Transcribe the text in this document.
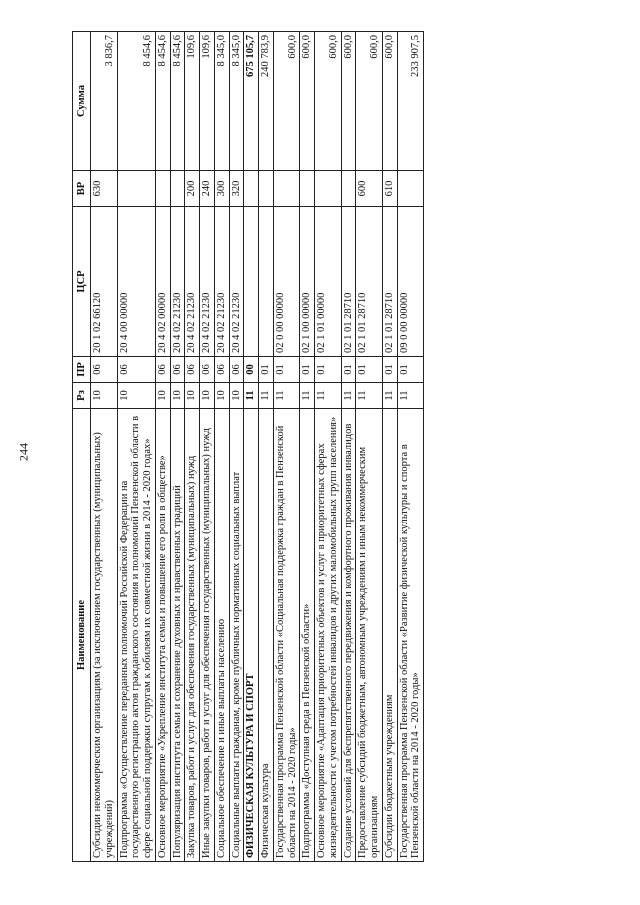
244
Наименование	Рз	ПР	ЦСР	ВР	Сумма
Субсидии некоммерческим организациям (за исключением государственных (муниципальных) учреждений)	10	06	20 1 02 66120	630	3 836,7
Подпрограмма «Осуществление переданных полномочий Российской Федерации на государственную регистрацию актов гражданского состояния и полномочий Пензенской области в сфере социальной поддержки супругам к юбилеям их совместной жизни в 2014 - 2020 годах»	10	06	20 4 00 00000		8 454,6
Основное мероприятие «Укрепление института семьи и повышение его роли в обществе»	10	06	20 4 02 00000		8 454,6
Популяризация института семьи и сохранение духовных и нравственных традиций	10	06	20 4 02 21230		8 454,6
Закупка товаров, работ и услуг для обеспечения государственных (муниципальных) нужд	10	06	20 4 02 21230	200	109,6
Иные закупки товаров, работ и услуг для обеспечения государственных (муниципальных) нужд	10	06	20 4 02 21230	240	109,6
Социальное обеспечение и иные выплаты населению	10	06	20 4 02 21230	300	8 345,0
Социальные выплаты гражданам, кроме публичных нормативных социальных выплат	10	06	20 4 02 21230	320	8 345,0
ФИЗИЧЕСКАЯ КУЛЬТУРА И СПОРТ	11	00			675 105,7
Физическая культура	11	01			240 783,9
Государственная программа Пензенской области «Социальная поддержка граждан в Пензенской области на 2014 - 2020 годы»	11	01	02 0 00 00000		600,0
Подпрограмма «Доступная среда в Пензенской области»	11	01	02 1 00 00000		600,0
Основное мероприятие «Адаптация приоритетных объектов и услуг в приоритетных сферах жизнедеятельности с учетом потребностей инвалидов и других маломобильных групп населения»	11	01	02 1 01 00000		600,0
Создание условий для беспрепятственного передвижения и комфортного проживания инвалидов	11	01	02 1 01 28710		600,0
Предоставление субсидий бюджетным, автономным учреждениям и иным некоммерческим организациям	11	01	02 1 01 28710	600	600,0
Субсидии бюджетным учреждениям	11	01	02 1 01 28710	610	600,0
Государственная программа Пензенской области «Развитие физической культуры и спорта в Пензенской области на 2014 - 2020 годы»	11	01	09 0 00 00000		233 907,5
